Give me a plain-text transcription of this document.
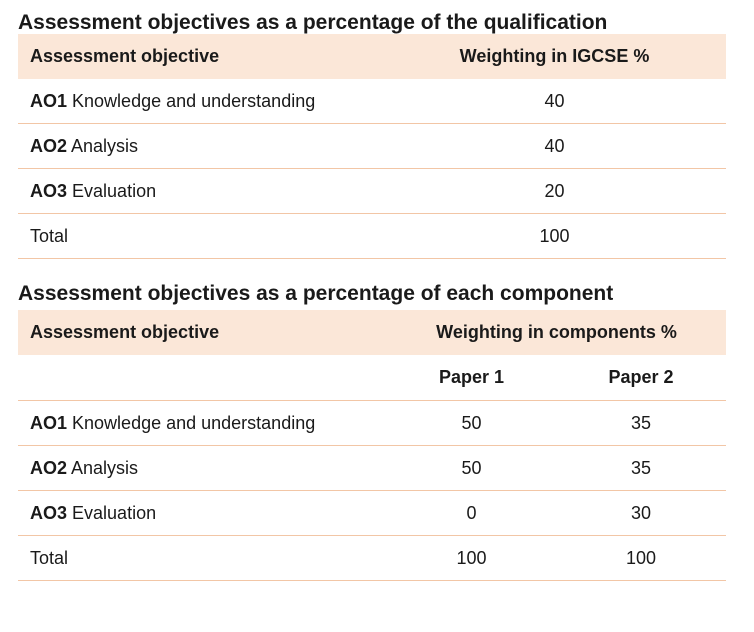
Assessment objectives as a percentage of the qualification
Assessment objective	Weighting in IGCSE %
AO1 Knowledge and understanding	40
AO2 Analysis	40
AO3 Evaluation	20
Total	100
Assessment objectives as a percentage of each component
Assessment objective	Weighting in components %	
	Paper 1	Paper 2
AO1 Knowledge and understanding	50	35
AO2 Analysis	50	35
AO3 Evaluation	0	30
Total	100	100
